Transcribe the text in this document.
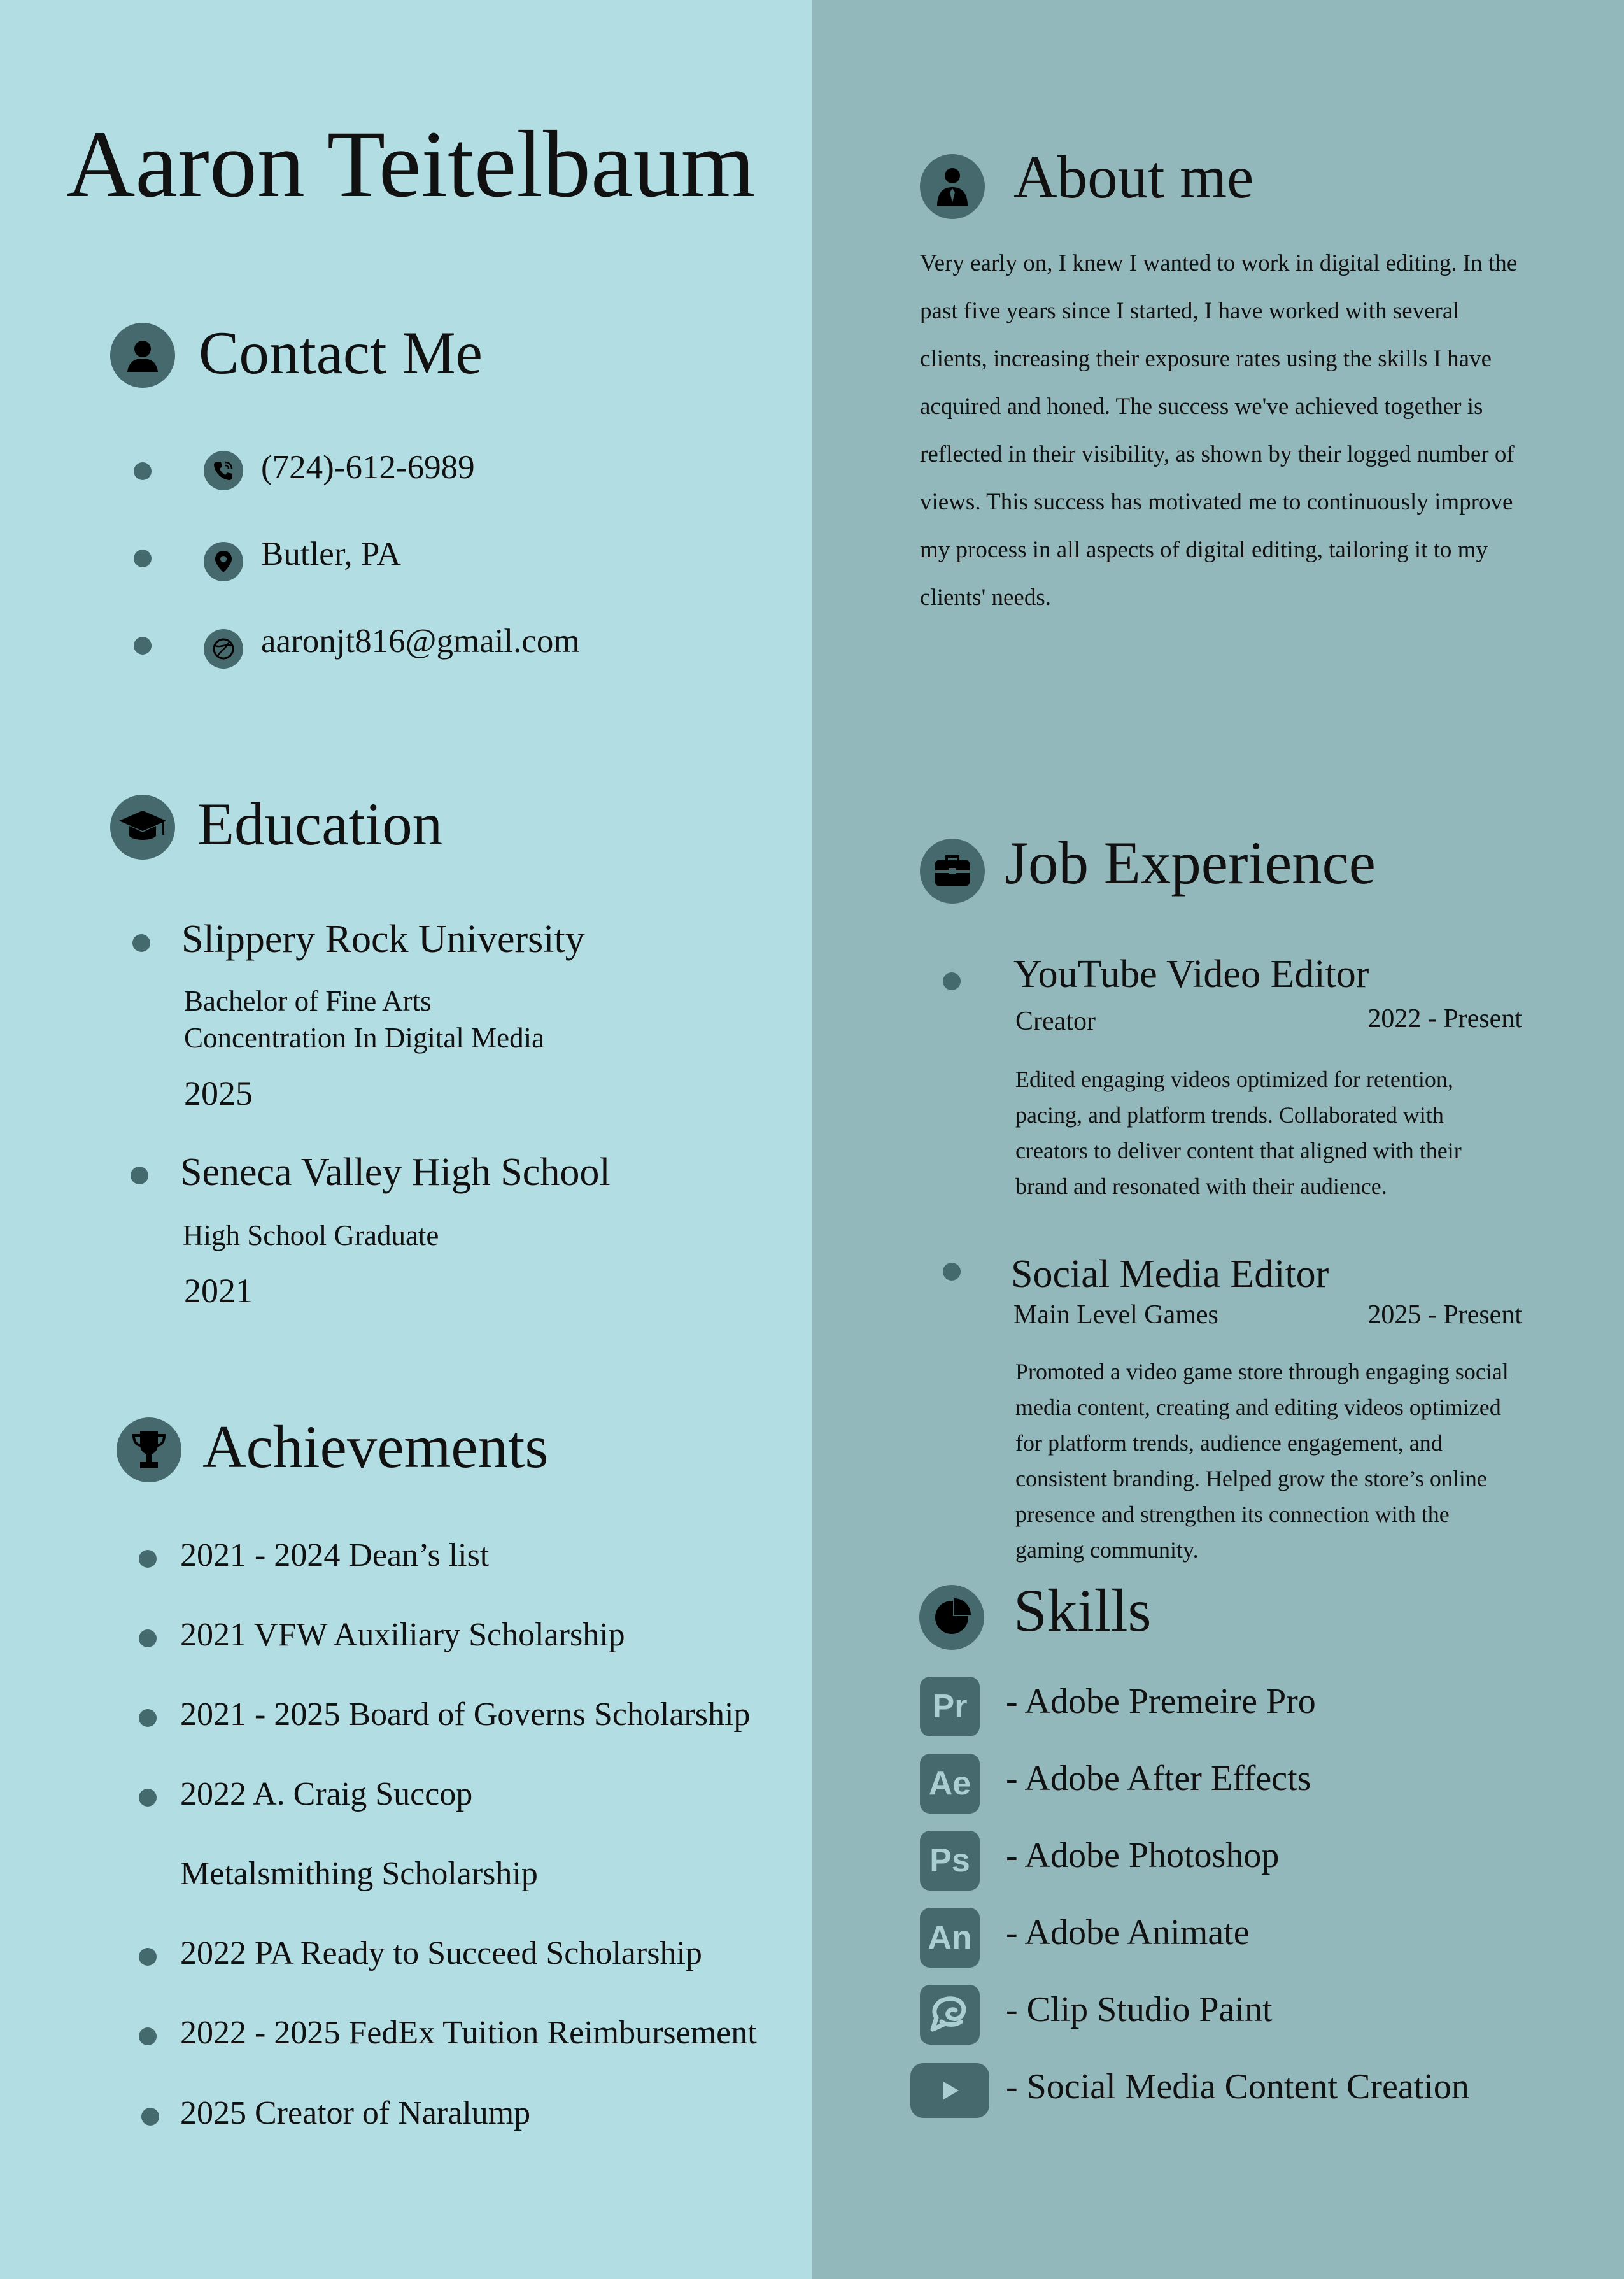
Aaron Teitelbaum
Contact Me
(724)-612-6989
Butler, PA
aaronjt816@gmail.com
Education
Slippery Rock University
Bachelor of Fine Arts
Concentration In Digital Media
2025
Seneca Valley High School
High School Graduate
2021
Achievements
2021 - 2024 Dean’s list
2021 VFW Auxiliary Scholarship
2021 - 2025 Board of Governs Scholarship
2022 A. Craig Succop
Metalsmithing Scholarship
2022 PA Ready to Succeed Scholarship
2022 - 2025 FedEx Tuition Reimbursement
2025 Creator of Naralump
About me
Very early on, I knew I wanted to work in digital editing. In the past five years since I started, I have worked with several clients, increasing their exposure rates using the skills I have acquired and honed. The success we've achieved together is reflected in their visibility, as shown by their logged number of views. This success has motivated me to continuously improve my process in all aspects of digital editing, tailoring it to my clients' needs.
Job Experience
YouTube Video Editor
Creator	2022 - Present
Edited engaging videos optimized for retention, pacing, and platform trends. Collaborated with creators to deliver content that aligned with their brand and resonated with their audience.
Social Media Editor
Main Level Games	2025 - Present
Promoted a video game store through engaging social media content, creating and editing videos optimized for platform trends, audience engagement, and consistent branding. Helped grow the store’s online presence and strengthen its connection with the gaming community.
Skills
Pr	- Adobe Premeire Pro
Ae - Adobe After Effects
Ps - Adobe Photoshop
An - Adobe Animate
- Clip Studio Paint
- Social Media Content Creation
